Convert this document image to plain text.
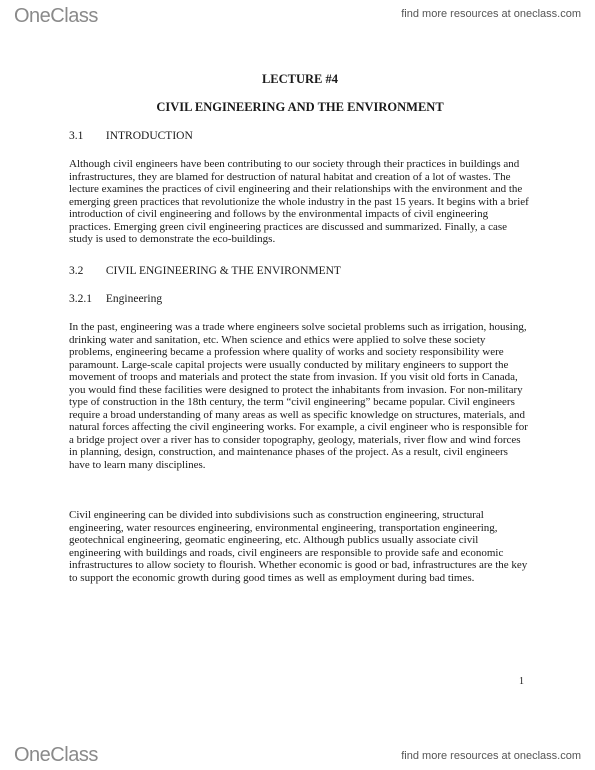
OneClass	find more resources at oneclass.com
LECTURE #4
CIVIL ENGINEERING AND THE ENVIRONMENT
3.1 INTRODUCTION

Although civil engineers have been contributing to our society through their practices in buildings and infrastructures, they are blamed for destruction of natural habitat and creation of a lot of wastes. The lecture examines the practices of civil engineering and their relationships with the environment and the emerging green practices that revolutionize the whole industry in the past 15 years. It begins with a brief introduction of civil engineering and follows by the environmental impacts of civil engineering practices. Emerging green civil engineering practices are discussed and summarized. Finally, a case study is used to demonstrate the eco-buildings.

3.2 CIVIL ENGINEERING & THE ENVIRONMENT
3.2.1 Engineering

In the past, engineering was a trade where engineers solve societal problems such as irrigation, housing, drinking water and sanitation, etc. When science and ethics were applied to solve these society problems, engineering became a profession where quality of works and society responsibility were paramount. Large-scale capital projects were usually conducted by military engineers to support the movement of troops and materials and protect the state from invasion. If you visit old forts in Canada, you would find these facilities were designed to protect the inhabitants from invasion. For non-military type of construction in the 18th century, the term “civil engineering” became popular. Civil engineers require a broad understanding of many areas as well as specific knowledge on structures, materials, and natural forces affecting the civil engineering works. For example, a civil engineer who is responsible for a bridge project over a river has to consider topography, geology, materials, river flow and wind forces in planning, design, construction, and maintenance phases of the project. As a result, civil engineers have to learn many disciplines.

Civil engineering can be divided into subdivisions such as construction engineering, structural engineering, water resources engineering, environmental engineering, transportation engineering, geotechnical engineering, geomatic engineering, etc. Although publics usually associate civil engineering with buildings and roads, civil engineers are responsible to provide safe and economic infrastructures to allow society to flourish. Whether economic is good or bad, infrastructures are the key to support the economic growth during good times as well as employment during bad times.

1
OneClass	find more resources at oneclass.com
